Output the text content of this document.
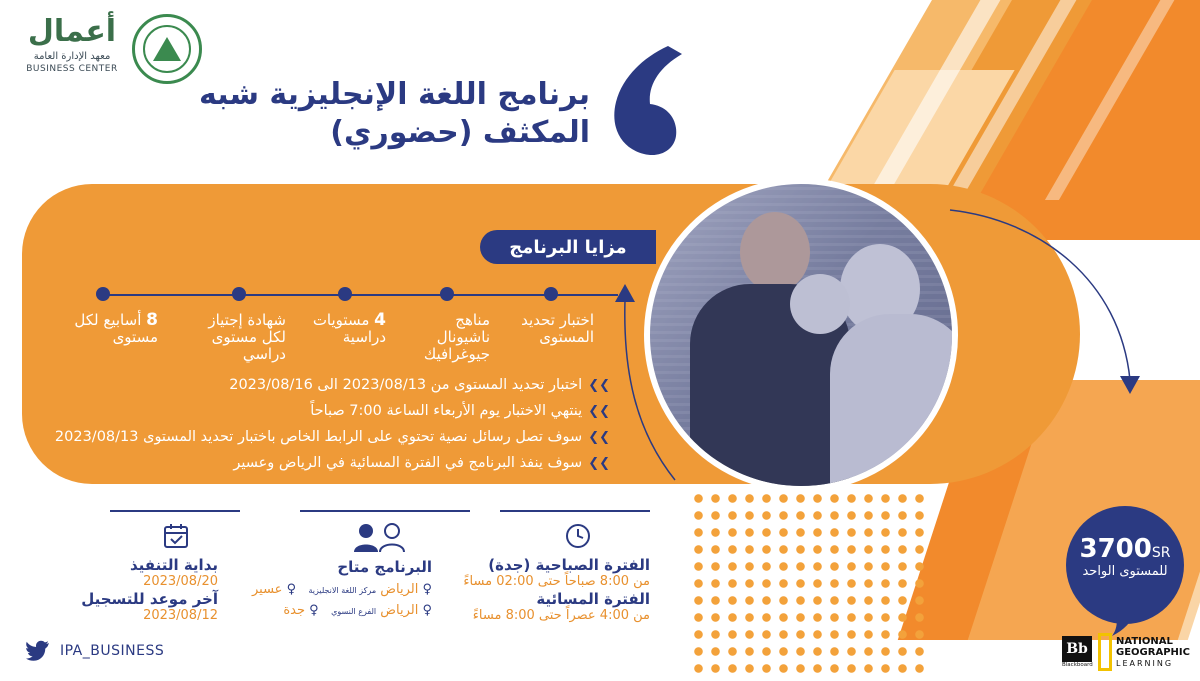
أعمال
معهد الإدارة العامة
BUSINESS CENTER
برنامج اللغة الإنجليزية شبه
المكثف (حضوري)
مزايا البرنامج
اختبار تحديد
المستوى
مناهج
ناشيونال
جيوغرافيك
4 مستويات
دراسية
شهادة إجتياز
لكل مستوى
دراسي
8 أسابيع لكل
مستوى
❯❯اختبار تحديد المستوى من 2023/08/13 الى 2023/08/16
❯❯ينتهي الاختبار يوم الأربعاء الساعة 7:00 صباحاً
❯❯سوف تصل رسائل نصية تحتوي على الرابط الخاص باختبار تحديد المستوى 2023/08/13
❯❯سوف ينفذ البرنامج في الفترة المسائية في الرياض وعسير
3700SR
للمستوى الواحد
بداية التنفيذ
2023/08/20
آخر موعد للتسجيل
2023/08/12
البرنامج متاح
♀ الرياض مركز اللغة الانجليزية   ♀ عسير
♀ الرياض الفرع النسوي   ♀ جدة
الفترة الصباحية (جدة)
من 8:00 صباحاً حتى 02:00 مساءً
الفترة المسائية
من 4:00 عصراً حتى 8:00 مساءً
IPA_BUSINESS	Bb
Blackboard
NATIONAL
GEOGRAPHIC
LEARNING
